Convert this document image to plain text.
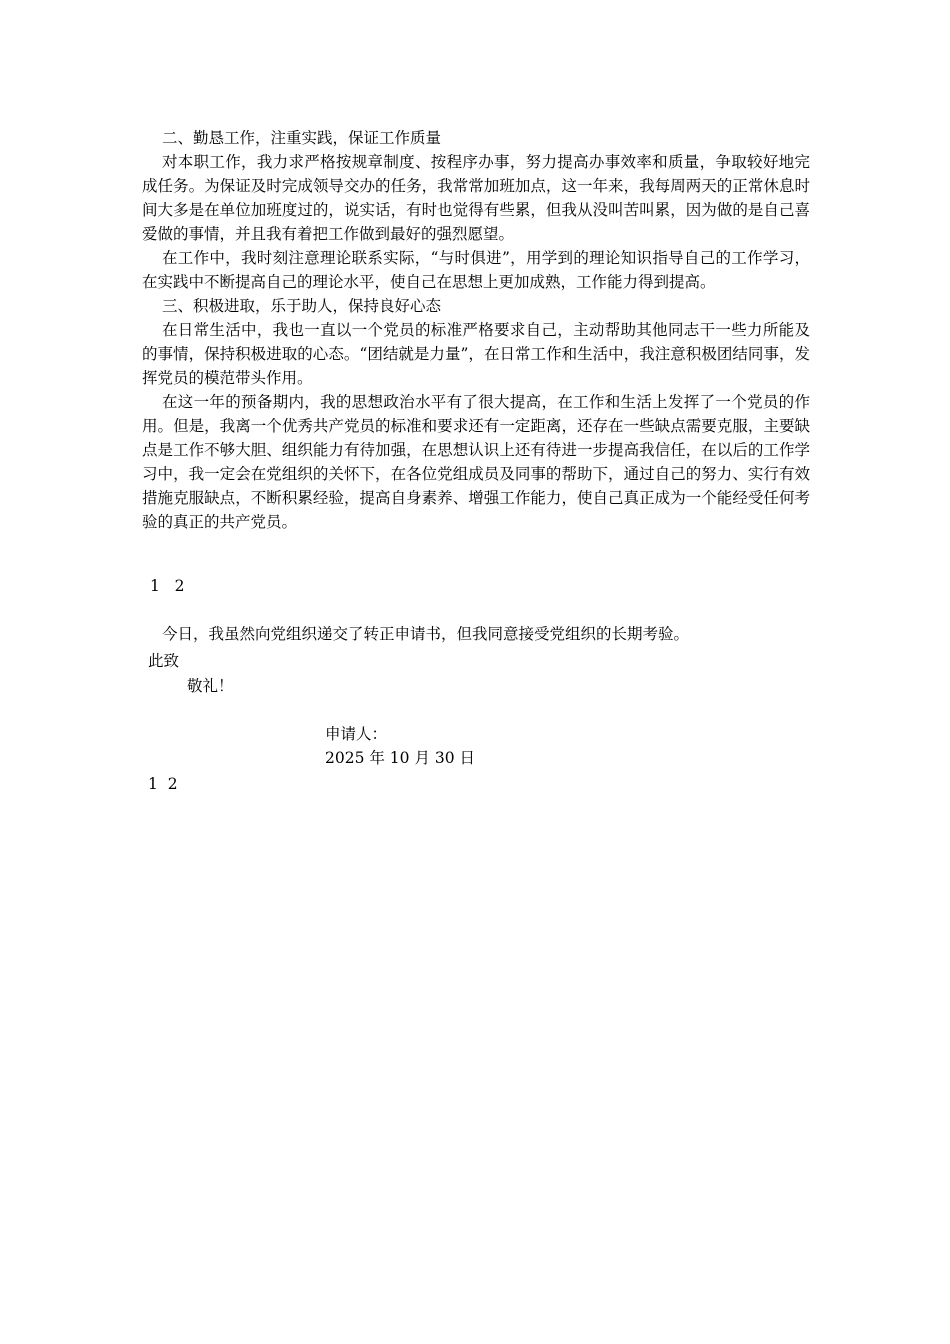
二、勤恳工作，注重实践，保证工作质量

对本职工作，我力求严格按规章制度、按程序办事，努力提高办事效率和质量，争取较好地完成任务。为保证及时完成领导交办的任务，我常常加班加点，这一年来，我每周两天的正常休息时间大多是在单位加班度过的，说实话，有时也觉得有些累，但我从没叫苦叫累，因为做的是自己喜爱做的事情，并且我有着把工作做到最好的强烈愿望。

在工作中，我时刻注意理论联系实际，“与时俱进”，用学到的理论知识指导自己的工作学习，在实践中不断提高自己的理论水平，使自己在思想上更加成熟，工作能力得到提高。

三、积极进取，乐于助人，保持良好心态

在日常生活中，我也一直以一个党员的标准严格要求自己，主动帮助其他同志干一些力所能及的事情，保持积极进取的心态。“团结就是力量”，在日常工作和生活中，我注意积极团结同事，发挥党员的模范带头作用。

在这一年的预备期内，我的思想政治水平有了很大提高，在工作和生活上发挥了一个党员的作用。但是，我离一个优秀共产党员的标准和要求还有一定距离，还存在一些缺点需要克服，主要缺点是工作不够大胆、组织能力有待加强，在思想认识上还有待进一步提高我信任，在以后的工作学习中，我一定会在党组织的关怀下，在各位党组成员及同事的帮助下，通过自己的努力、实行有效措施克服缺点，不断积累经验，提高自身素养、增强工作能力，使自己真正成为一个能经受任何考验的真正的共产党员。

1   2
今日，我虽然向党组织递交了转正申请书，但我同意接受党组织的长期考验。
此致
敬礼！
申请人：
2025 年 10 月 30 日
1  2
